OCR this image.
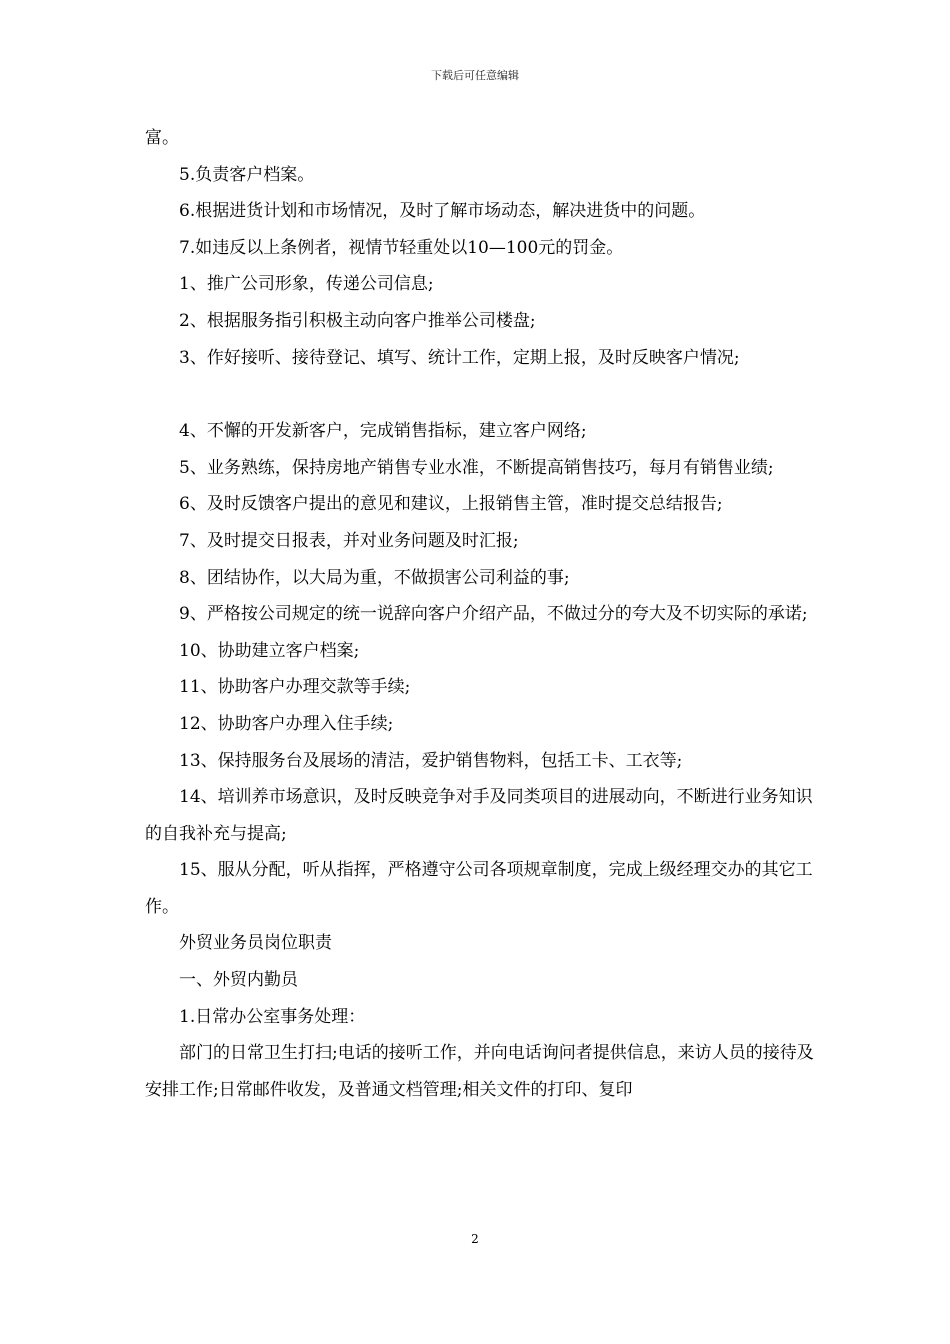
下载后可任意编辑

富。

5.负责客户档案。

6.根据进货计划和市场情况，及时了解市场动态，解决进货中的问题。

7.如违反以上条例者，视情节轻重处以10—100元的罚金。

1、推广公司形象，传递公司信息;

2、根据服务指引积极主动向客户推举公司楼盘;

3、作好接听、接待登记、填写、统计工作，定期上报，及时反映客户情况;

4、不懈的开发新客户，完成销售指标，建立客户网络;

5、业务熟练，保持房地产销售专业水准，不断提高销售技巧，每月有销售业绩;

6、及时反馈客户提出的意见和建议，上报销售主管，准时提交总结报告;

7、及时提交日报表，并对业务问题及时汇报;

8、团结协作，以大局为重，不做损害公司利益的事;

9、严格按公司规定的统一说辞向客户介绍产品，不做过分的夸大及不切实际的承诺;

10、协助建立客户档案;

11、协助客户办理交款等手续;

12、协助客户办理入住手续;

13、保持服务台及展场的清洁，爱护销售物料，包括工卡、工衣等;

14、培训养市场意识，及时反映竞争对手及同类项目的进展动向，不断进行业务知识的自我补充与提高;

15、服从分配，听从指挥，严格遵守公司各项规章制度，完成上级经理交办的其它工作。

外贸业务员岗位职责

一、外贸内勤员

1.日常办公室事务处理：

部门的日常卫生打扫;电话的接听工作，并向电话询问者提供信息，来访人员的接待及安排工作;日常邮件收发，及普通文档管理;相关文件的打印、复印

2
